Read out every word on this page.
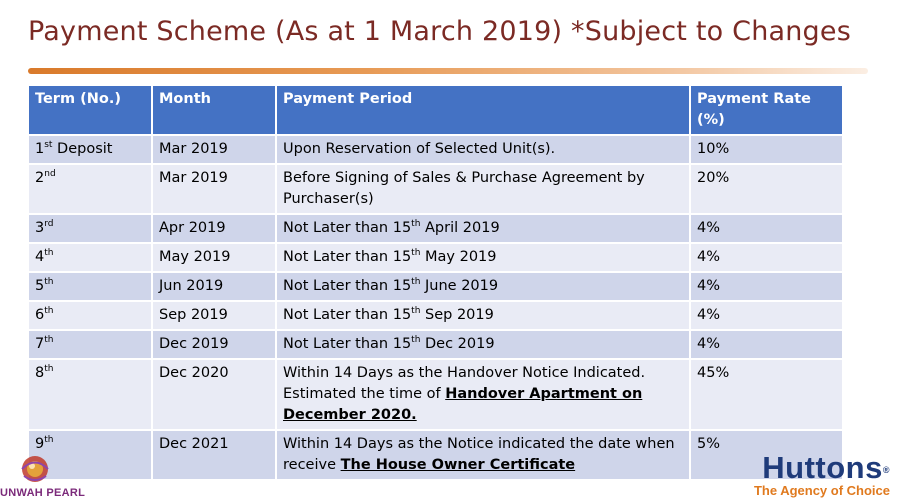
Payment Scheme (As at 1 March 2019) *Subject to Changes
Term (No.)	Month	Payment Period	Payment Rate (%)
1st Deposit	Mar 2019	Upon Reservation of Selected Unit(s).	10%
2nd	Mar 2019	Before Signing of Sales & Purchase Agreement by Purchaser(s)	20%
3rd	Apr 2019	Not Later than 15th April 2019	4%
4th	May 2019	Not Later than 15th May 2019	4%
5th	Jun 2019	Not Later than 15th June 2019	4%
6th	Sep 2019	Not Later than 15th Sep 2019	4%
7th	Dec 2019	Not Later than 15th Dec 2019	4%
8th	Dec 2020	Within 14 Days as the Handover Notice Indicated. Estimated the time of Handover Apartment on December 2020.	45%
9th	Dec 2021	Within 14 Days as the Notice indicated the date when receive The House Owner Certificate	5%
UNWAH PEARL
Huttons®
The Agency of Choice
